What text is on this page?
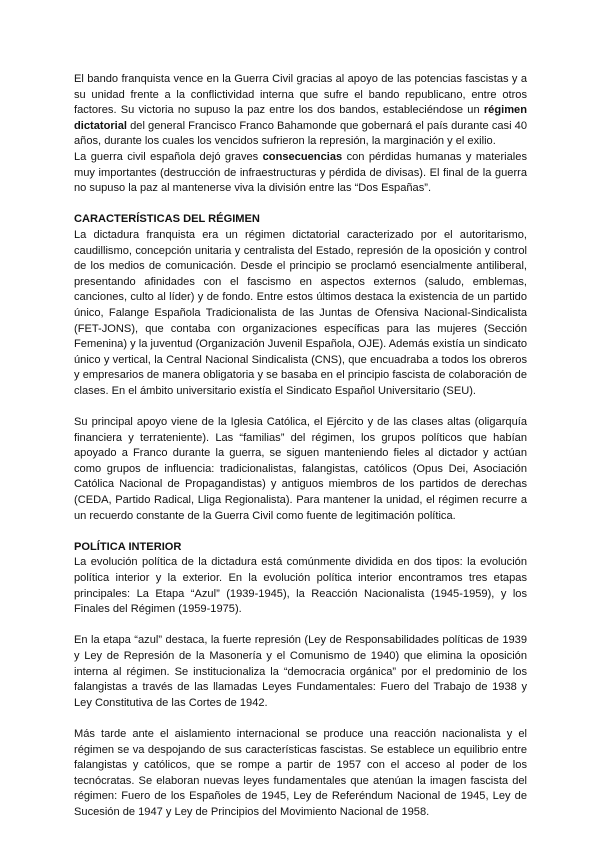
El bando franquista vence en la Guerra Civil gracias al apoyo de las potencias fascistas y a su unidad frente a la conflictividad interna que sufre el bando republicano, entre otros factores. Su victoria no supuso la paz entre los dos bandos, estableciéndose un régimen dictatorial del general Francisco Franco Bahamonde que gobernará el país durante casi 40 años, durante los cuales los vencidos sufrieron la represión, la marginación y el exilio.

La guerra civil española dejó graves consecuencias con pérdidas humanas y materiales muy importantes (destrucción de infraestructuras y pérdida de divisas). El final de la guerra no supuso la paz al mantenerse viva la división entre las “Dos Españas”.

CARACTERÍSTICAS DEL RÉGIMEN

La dictadura franquista era un régimen dictatorial caracterizado por el autoritarismo, caudillismo, concepción unitaria y centralista del Estado, represión de la oposición y control de los medios de comunicación. Desde el principio se proclamó esencialmente antiliberal, presentando afinidades con el fascismo en aspectos externos (saludo, emblemas, canciones, culto al líder) y de fondo. Entre estos últimos destaca la existencia de un partido único, Falange Española Tradicionalista de las Juntas de Ofensiva Nacional-Sindicalista (FET-JONS), que contaba con organizaciones específicas para las mujeres (Sección Femenina) y la juventud (Organización Juvenil Española, OJE). Además existía un sindicato único y vertical, la Central Nacional Sindicalista (CNS), que encuadraba a todos los obreros y empresarios de manera obligatoria y se basaba en el principio fascista de colaboración de clases. En el ámbito universitario existía el Sindicato Español Universitario (SEU).

Su principal apoyo viene de la Iglesia Católica, el Ejército y de las clases altas (oligarquía financiera y terrateniente). Las “familias” del régimen, los grupos políticos que habían apoyado a Franco durante la guerra, se siguen manteniendo fieles al dictador y actúan como grupos de influencia: tradicionalistas, falangistas, católicos (Opus Dei, Asociación Católica Nacional de Propagandistas) y antiguos miembros de los partidos de derechas (CEDA, Partido Radical, Lliga Regionalista). Para mantener la unidad, el régimen recurre a un recuerdo constante de la Guerra Civil como fuente de legitimación política.

POLÍTICA INTERIOR

La evolución política de la dictadura está comúnmente dividida en dos tipos: la evolución política interior y la exterior. En la evolución política interior encontramos tres etapas principales: La Etapa “Azul” (1939-1945), la Reacción Nacionalista (1945-1959), y los Finales del Régimen (1959-1975).

En la etapa “azul” destaca, la fuerte represión (Ley de Responsabilidades políticas de 1939 y Ley de Represión de la Masonería y el Comunismo de 1940) que elimina la oposición interna al régimen. Se institucionaliza la “democracia orgánica” por el predominio de los falangistas a través de las llamadas Leyes Fundamentales: Fuero del Trabajo de 1938 y Ley Constitutiva de las Cortes de 1942.

Más tarde ante el aislamiento internacional se produce una reacción nacionalista y el régimen se va despojando de sus características fascistas. Se establece un equilibrio entre falangistas y católicos, que se rompe a partir de 1957 con el acceso al poder de los tecnócratas. Se elaboran nuevas leyes fundamentales que atenúan la imagen fascista del régimen: Fuero de los Españoles de 1945, Ley de Referéndum Nacional de 1945, Ley de Sucesión de 1947 y Ley de Principios del Movimiento Nacional de 1958.
